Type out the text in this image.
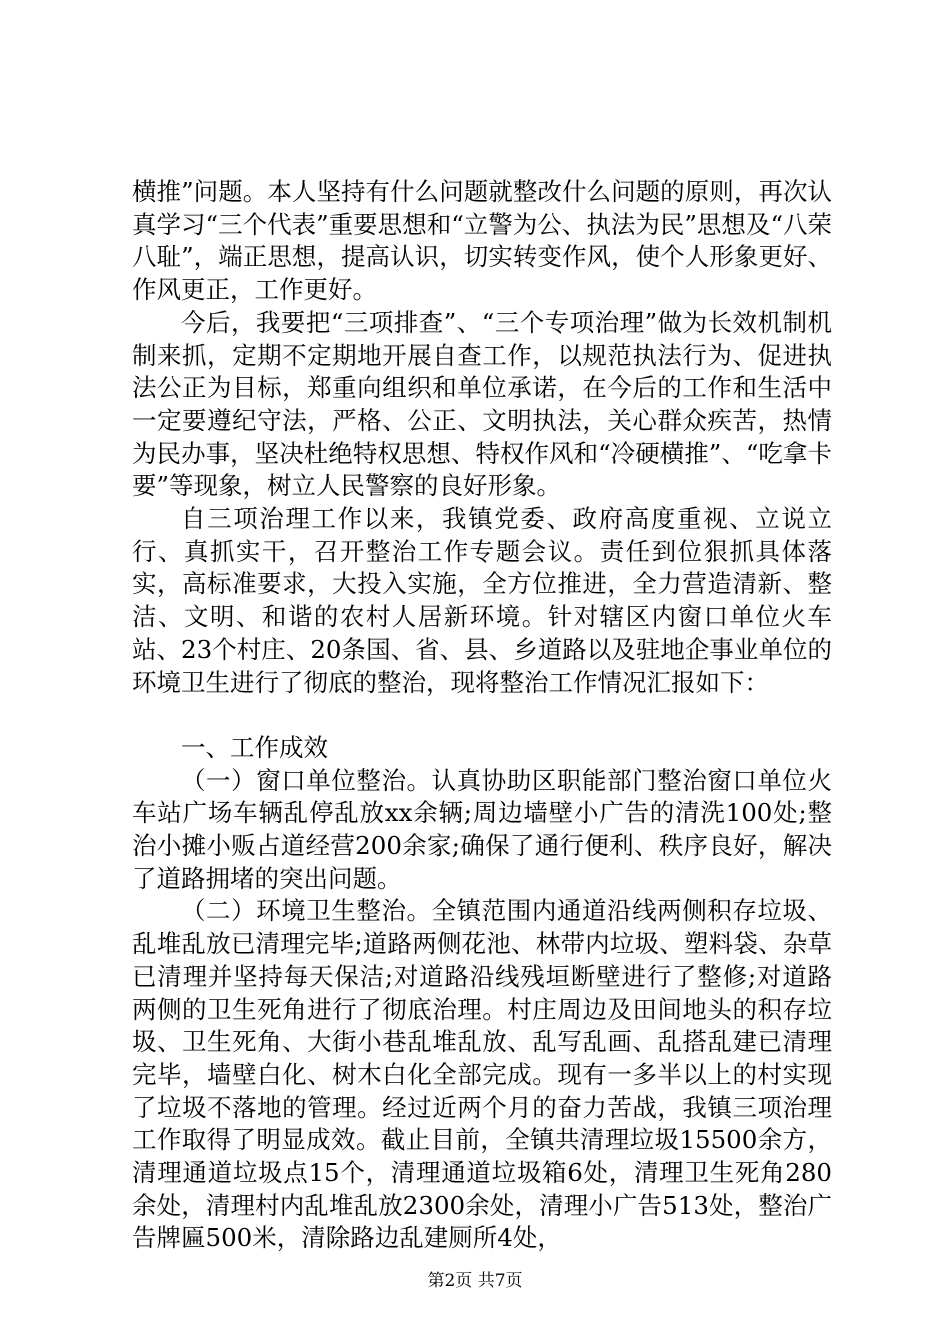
横推”问题。本人坚持有什么问题就整改什么问题的原则，再次认真学习“三个代表”重要思想和“立警为公、执法为民”思想及“八荣八耻”，端正思想，提高认识，切实转变作风，使个人形象更好、作风更正，工作更好。

今后，我要把“三项排查”、“三个专项治理”做为长效机制机制来抓，定期不定期地开展自查工作，以规范执法行为、促进执法公正为目标，郑重向组织和单位承诺，在今后的工作和生活中一定要遵纪守法，严格、公正、文明执法，关心群众疾苦，热情为民办事，坚决杜绝特权思想、特权作风和“冷硬横推”、“吃拿卡要”等现象，树立人民警察的良好形象。

自三项治理工作以来，我镇党委、政府高度重视、立说立行、真抓实干，召开整治工作专题会议。责任到位狠抓具体落实，高标准要求，大投入实施，全方位推进，全力营造清新、整洁、文明、和谐的农村人居新环境。针对辖区内窗口单位火车站、23个村庄、20条国、省、县、乡道路以及驻地企事业单位的环境卫生进行了彻底的整治，现将整治工作情况汇报如下：

一、工作成效

（一）窗口单位整治。认真协助区职能部门整治窗口单位火车站广场车辆乱停乱放xx余辆;周边墙壁小广告的清洗100处;整治小摊小贩占道经营200余家;确保了通行便利、秩序良好，解决了道路拥堵的突出问题。

（二）环境卫生整治。全镇范围内通道沿线两侧积存垃圾、乱堆乱放已清理完毕;道路两侧花池、林带内垃圾、塑料袋、杂草已清理并坚持每天保洁;对道路沿线残垣断壁进行了整修;对道路两侧的卫生死角进行了彻底治理。村庄周边及田间地头的积存垃圾、卫生死角、大街小巷乱堆乱放、乱写乱画、乱搭乱建已清理完毕，墙壁白化、树木白化全部完成。现有一多半以上的村实现了垃圾不落地的管理。经过近两个月的奋力苦战，我镇三项治理工作取得了明显成效。截止目前，全镇共清理垃圾15500余方，清理通道垃圾点15个，清理通道垃圾箱6处，清理卫生死角280余处，清理村内乱堆乱放2300余处，清理小广告513处，整治广告牌匾500米，清除路边乱建厕所4处，

第2页 共7页
